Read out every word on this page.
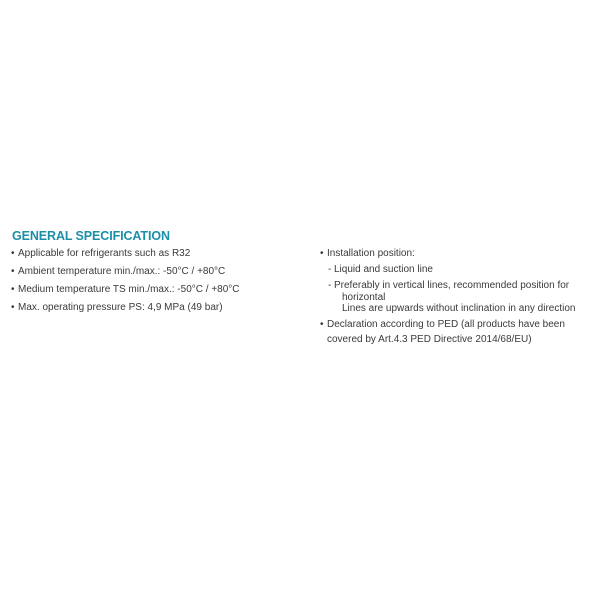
GENERAL SPECIFICATION
• Applicable for refrigerants such as R32
• Ambient temperature min./max.: -50°C / +80°C
• Medium temperature TS min./max.: -50°C / +80°C
• Max. operating pressure PS: 4,9 MPa (49 bar)
• Installation position:
- Liquid and suction line
- Preferably in vertical lines, recommended position for
horizontal
Lines are upwards without inclination in any direction
• Declaration according to PED (all products have been
covered by Art.4.3 PED Directive 2014/68/EU)
